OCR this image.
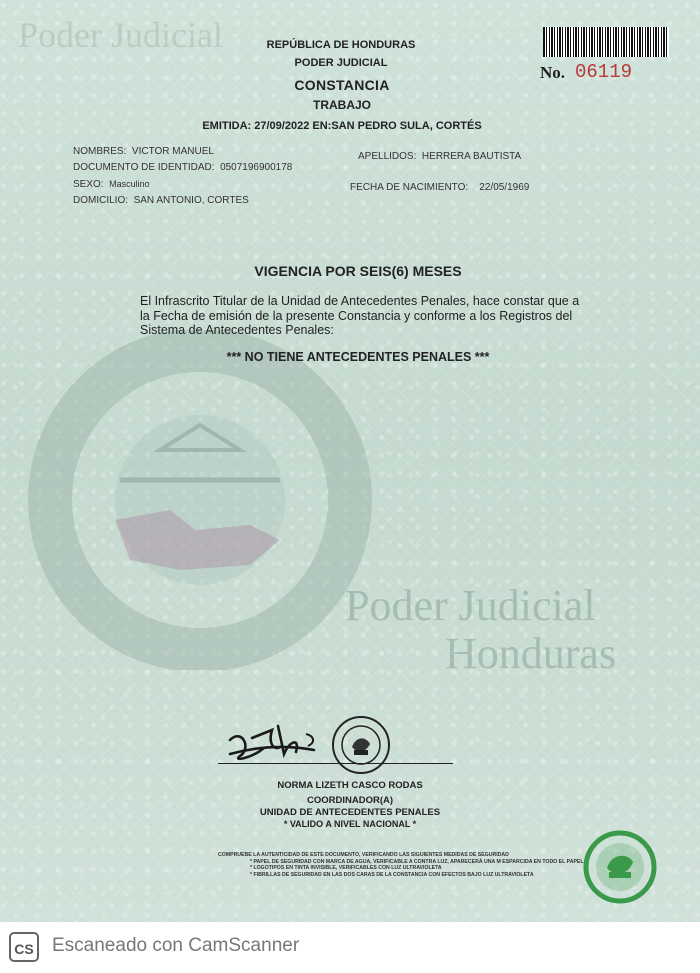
Poder Judicial
Poder Judicial
Honduras
REPÚBLICA DE HONDURAS
PODER JUDICIAL
CONSTANCIA
TRABAJO
EMITIDA: 27/09/2022 EN:SAN PEDRO SULA, CORTÉS
No. 06119
NOMBRES: VICTOR MANUEL
DOCUMENTO DE IDENTIDAD: 0507196900178
SEXO: Masculino
DOMICILIO: SAN ANTONIO, CORTES
APELLIDOS: HERRERA BAUTISTA
FECHA DE NACIMIENTO: 22/05/1969
VIGENCIA POR SEIS(6) MESES
El Infrascrito Titular de la Unidad de Antecedentes Penales, hace constar que a la Fecha de emisión de la presente Constancia y conforme a los Registros del Sistema de Antecedentes Penales:
*** NO TIENE ANTECEDENTES PENALES ***
NORMA LIZETH CASCO RODAS
COORDINADOR(A)
UNIDAD DE ANTECEDENTES PENALES
* VALIDO A NIVEL NACIONAL *
COMPRUEBE LA AUTENTICIDAD DE ESTE DOCUMENTO, VERIFICANDO LAS SIGUIENTES MEDIDAS DE SEGURIDAD
* PAPEL DE SEGURIDAD CON MARCA DE AGUA, VERIFICABLE A CONTRA LUZ, APARECERÁ UNA M ESPARCIDA EN TODO EL PAPEL
* LOGOTIPOS EN TINTA INVISIBLE, VERIFICABLES CON LUZ ULTRAVIOLETA
* FIBRILLAS DE SEGURIDAD EN LAS DOS CARAS DE LA CONSTANCIA CON EFECTOS BAJO LUZ ULTRAVIOLETA
CS Escaneado con CamScanner
